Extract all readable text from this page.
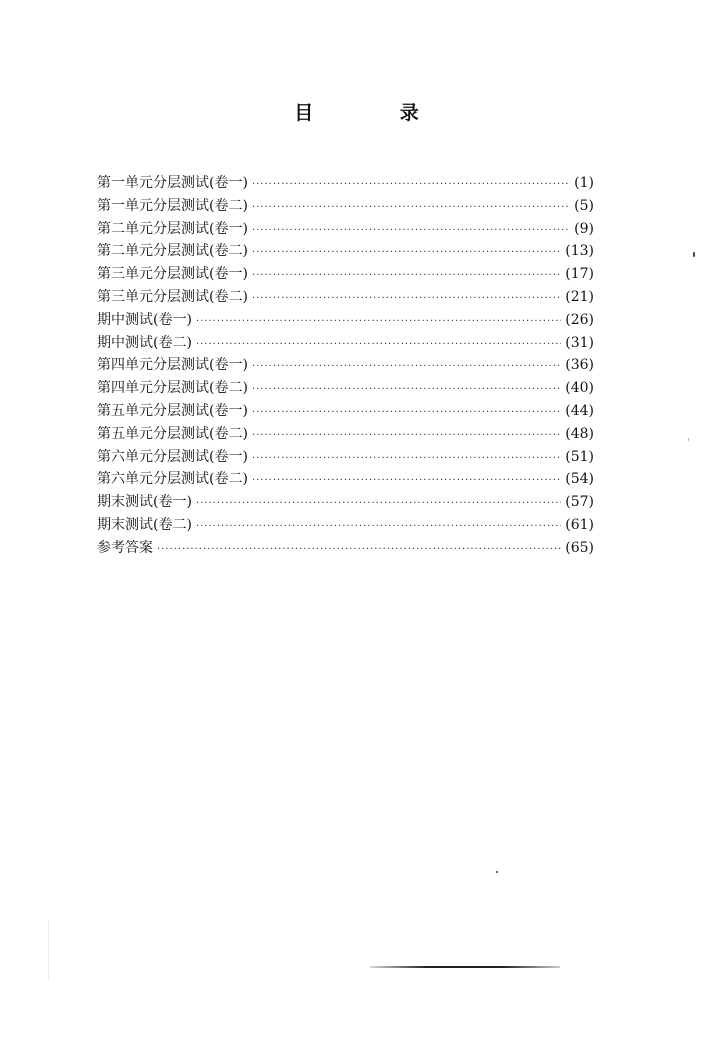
目 录
第一单元分层测试(卷一) ·····	(1)
第一单元分层测试(卷二) ·····	(5)
第二单元分层测试(卷一) ·····	(9)
第二单元分层测试(卷二) ·····	(13)
第三单元分层测试(卷一) ·····	(17)
第三单元分层测试(卷二) ·····	(21)
期中测试(卷一) ·····	(26)
期中测试(卷二) ·····	(31)
第四单元分层测试(卷一) ·····	(36)
第四单元分层测试(卷二) ·····	(40)
第五单元分层测试(卷一) ·····	(44)
第五单元分层测试(卷二) ·····	(48)
第六单元分层测试(卷一) ·····	(51)
第六单元分层测试(卷二) ·····	(54)
期末测试(卷一) ·····	(57)
期末测试(卷二) ·····	(61)
参考答案 ·····	(65)
